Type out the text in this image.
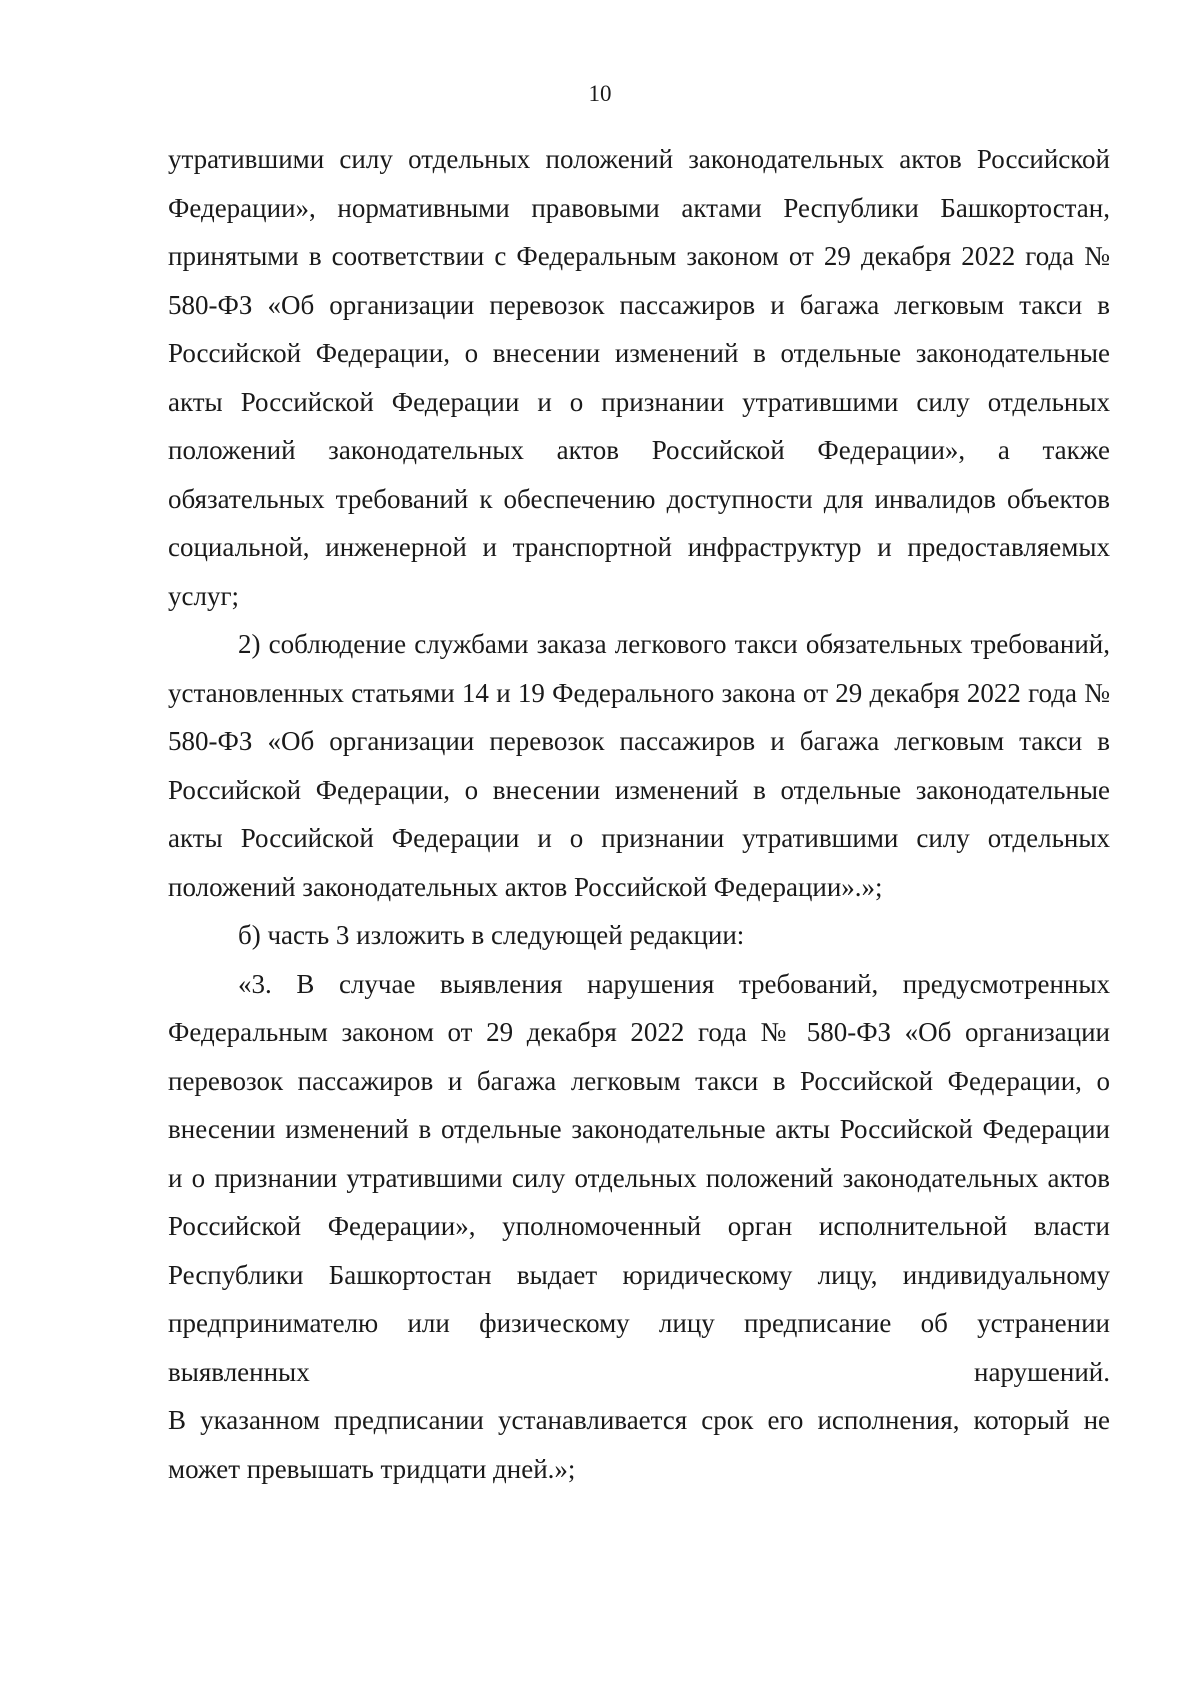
10

утратившими силу отдельных положений законодательных актов Российской Федерации», нормативными правовыми актами Республики Башкортостан, принятыми в соответствии с Федеральным законом от 29 декабря 2022 года № 580-ФЗ «Об организации перевозок пассажиров и багажа легковым такси в Российской Федерации, о внесении изменений в отдельные законодательные акты Российской Федерации и о признании утратившими силу отдельных положений законодательных актов Российской Федерации», а также обязательных требований к обеспечению доступности для инвалидов объектов социальной, инженерной и транспортной инфраструктур и предоставляемых услуг;

2) соблюдение службами заказа легкового такси обязательных требований, установленных статьями 14 и 19 Федерального закона от 29 декабря 2022 года № 580-ФЗ «Об организации перевозок пассажиров и багажа легковым такси в Российской Федерации, о внесении изменений в отдельные законодательные акты Российской Федерации и о признании утратившими силу отдельных положений законодательных актов Российской Федерации».»;

б) часть 3 изложить в следующей редакции:

«3. В случае выявления нарушения требований, предусмотренных Федеральным законом от 29 декабря 2022 года № 580-ФЗ «Об организации перевозок пассажиров и багажа легковым такси в Российской Федерации, о внесении изменений в отдельные законодательные акты Российской Федерации и о признании утратившими силу отдельных положений законодательных актов Российской Федерации», уполномоченный орган исполнительной власти Республики Башкортостан выдает юридическому лицу, индивидуальному предпринимателю или физическому лицу предписание об устранении выявленных нарушений.

В указанном предписании устанавливается срок его исполнения, который не может превышать тридцати дней.»;
